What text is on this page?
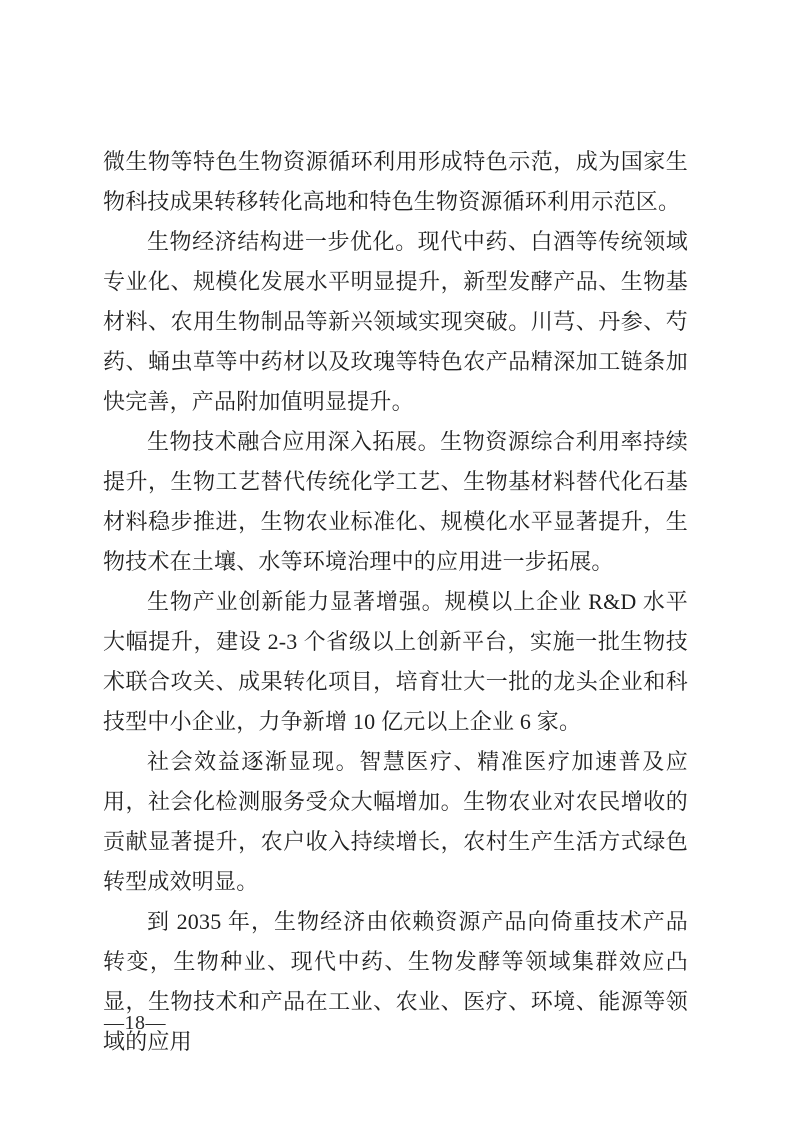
微生物等特色生物资源循环利用形成特色示范，成为国家生物科技成果转移转化高地和特色生物资源循环利用示范区。

生物经济结构进一步优化。现代中药、白酒等传统领域专业化、规模化发展水平明显提升，新型发酵产品、生物基材料、农用生物制品等新兴领域实现突破。川芎、丹参、芍药、蛹虫草等中药材以及玫瑰等特色农产品精深加工链条加快完善，产品附加值明显提升。

生物技术融合应用深入拓展。生物资源综合利用率持续提升，生物工艺替代传统化学工艺、生物基材料替代化石基材料稳步推进，生物农业标准化、规模化水平显著提升，生物技术在土壤、水等环境治理中的应用进一步拓展。

生物产业创新能力显著增强。规模以上企业 R&D 水平大幅提升，建设 2-3 个省级以上创新平台，实施一批生物技术联合攻关、成果转化项目，培育壮大一批的龙头企业和科技型中小企业，力争新增 10 亿元以上企业 6 家。

社会效益逐渐显现。智慧医疗、精准医疗加速普及应用，社会化检测服务受众大幅增加。生物农业对农民增收的贡献显著提升，农户收入持续增长，农村生产生活方式绿色转型成效明显。

到 2035 年，生物经济由依赖资源产品向倚重技术产品转变，生物种业、现代中药、生物发酵等领域集群效应凸显，生物技术和产品在工业、农业、医疗、环境、能源等领域的应用

—18—
